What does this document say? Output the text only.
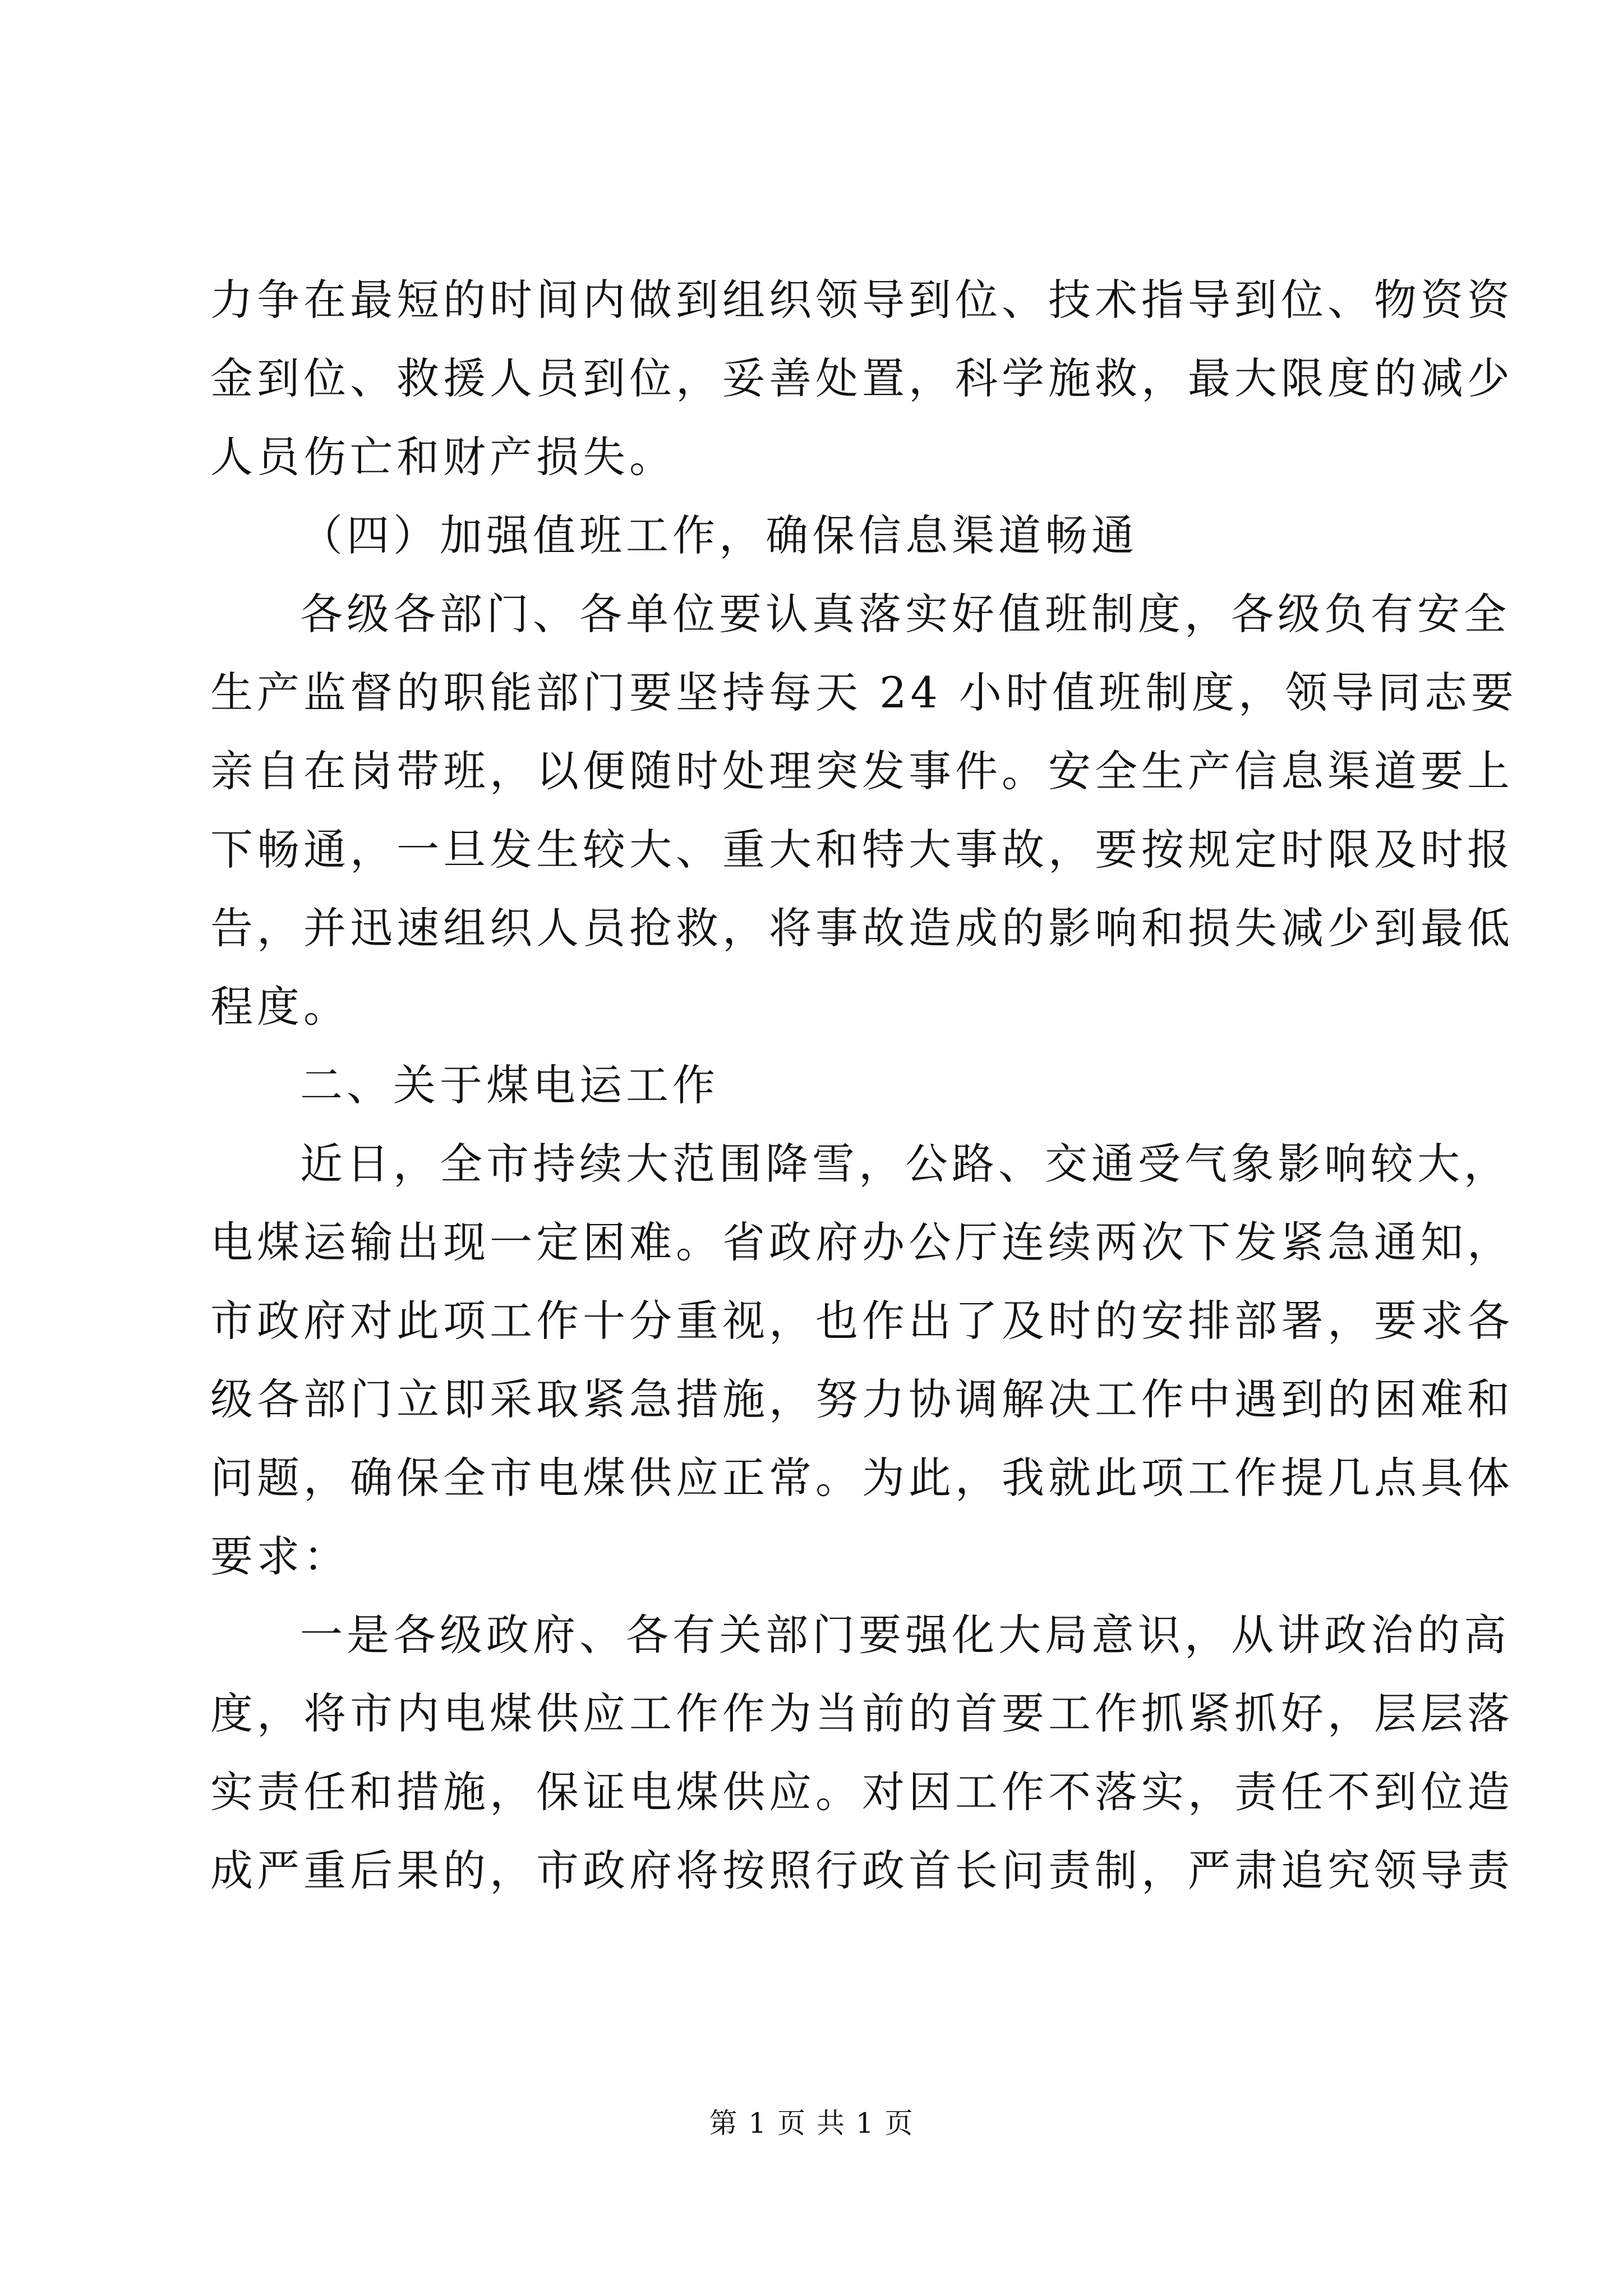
力争在最短的时间内做到组织领导到位、技术指导到位、物资资
金到位、救援人员到位，妥善处置，科学施救，最大限度的减少
人员伤亡和财产损失。
（四）加强值班工作，确保信息渠道畅通
各级各部门、各单位要认真落实好值班制度，各级负有安全
生产监督的职能部门要坚持每天 24 小时值班制度，领导同志要
亲自在岗带班，以便随时处理突发事件。安全生产信息渠道要上
下畅通，一旦发生较大、重大和特大事故，要按规定时限及时报
告，并迅速组织人员抢救，将事故造成的影响和损失减少到最低
程度。
二、关于煤电运工作
近日，全市持续大范围降雪，公路、交通受气象影响较大，
电煤运输出现一定困难。省政府办公厅连续两次下发紧急通知，
市政府对此项工作十分重视，也作出了及时的安排部署，要求各
级各部门立即采取紧急措施，努力协调解决工作中遇到的困难和
问题，确保全市电煤供应正常。为此，我就此项工作提几点具体
要求：
一是各级政府、各有关部门要强化大局意识，从讲政治的高
度，将市内电煤供应工作作为当前的首要工作抓紧抓好，层层落
实责任和措施，保证电煤供应。对因工作不落实，责任不到位造
成严重后果的，市政府将按照行政首长问责制，严肃追究领导责
第 1 页 共 1 页
